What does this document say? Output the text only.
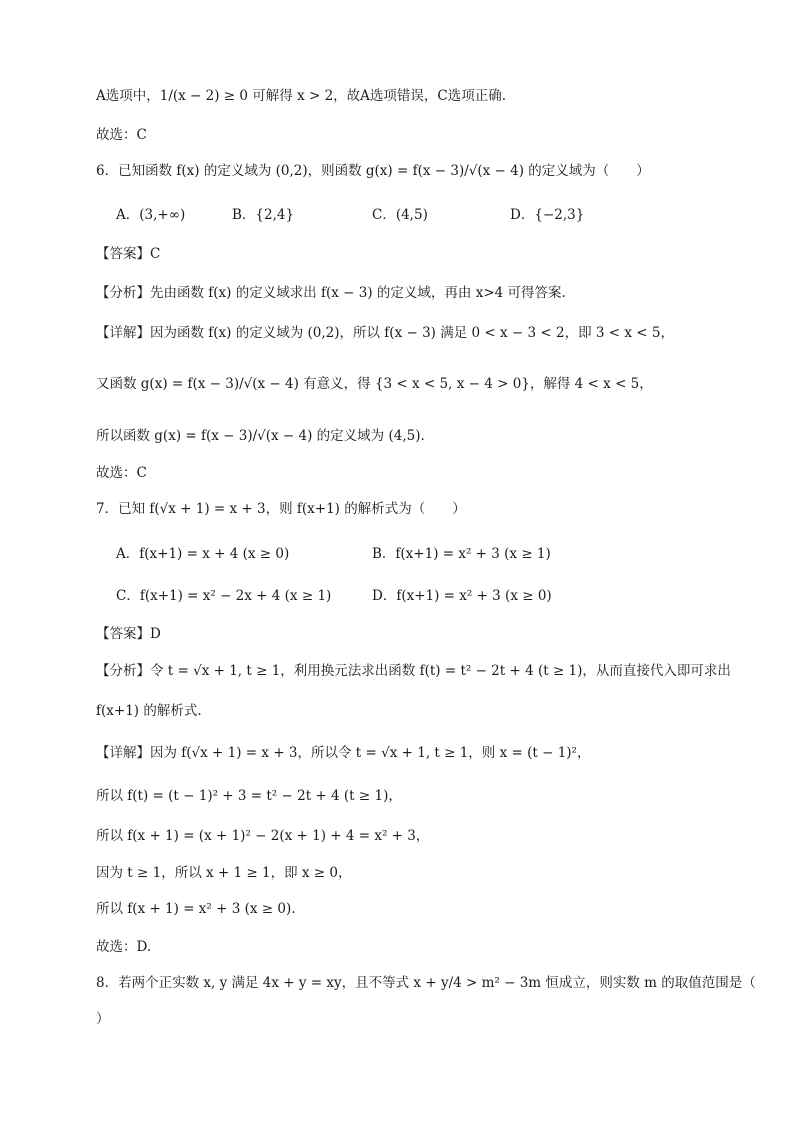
A选项中，1/(x − 2) ≥ 0 可解得 x > 2，故A选项错误，C选项正确.
故选：C
6．已知函数 f(x) 的定义域为 (0,2)，则函数 g(x) = f(x − 3)/√(x − 4) 的定义域为（　　）
【答案】C
【分析】先由函数 f(x) 的定义域求出 f(x − 3) 的定义域，再由 x>4 可得答案.
【详解】因为函数 f(x) 的定义域为 (0,2)，所以 f(x − 3) 满足 0 < x − 3 < 2，即 3 < x < 5，
又函数 g(x) = f(x − 3)/√(x − 4) 有意义，得 {3 < x < 5, x − 4 > 0}，解得 4 < x < 5，
所以函数 g(x) = f(x − 3)/√(x − 4) 的定义域为 (4,5).
故选：C
7．已知 f(√x + 1) = x + 3，则 f(x+1) 的解析式为（　　）
【答案】D
【分析】令 t = √x + 1, t ≥ 1，利用换元法求出函数 f(t) = t² − 2t + 4 (t ≥ 1)，从而直接代入即可求出
f(x+1) 的解析式.
【详解】因为 f(√x + 1) = x + 3，所以令 t = √x + 1, t ≥ 1，则 x = (t − 1)²，
所以 f(t) = (t − 1)² + 3 = t² − 2t + 4 (t ≥ 1)，
所以 f(x + 1) = (x + 1)² − 2(x + 1) + 4 = x² + 3，
因为 t ≥ 1，所以 x + 1 ≥ 1，即 x ≥ 0，
所以 f(x + 1) = x² + 3 (x ≥ 0).
故选：D.
8．若两个正实数 x, y 满足 4x + y = xy，且不等式 x + y/4 > m² − 3m 恒成立，则实数 m 的取值范围是（
）
A．(3,+∞)	B．{2,4}	C．(4,5)	D．{−2,3}
A．f(x+1) = x + 4 (x ≥ 0)	B．f(x+1) = x² + 3 (x ≥ 1)
C．f(x+1) = x² − 2x + 4 (x ≥ 1)	D．f(x+1) = x² + 3 (x ≥ 0)
